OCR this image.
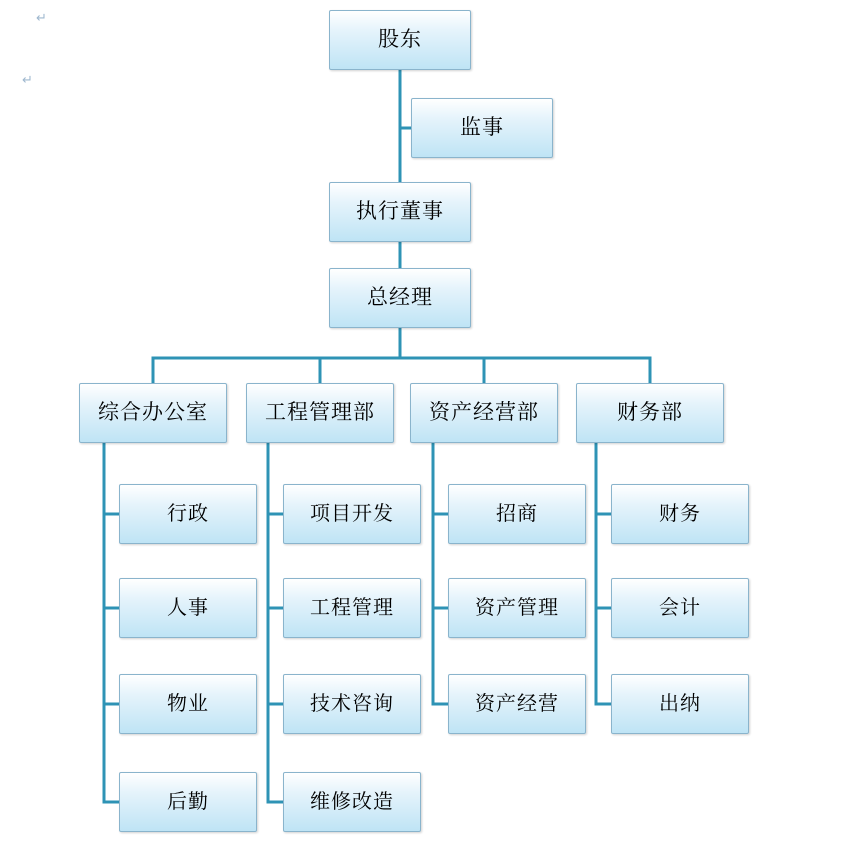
↵
↵
股东
监事
执行董事
总经理
综合办公室	工程管理部	资产经营部	财务部
行政
人事
物业
后勤
项目开发
工程管理
技术咨询
维修改造
招商
资产管理
资产经营
财务
会计
出纳
